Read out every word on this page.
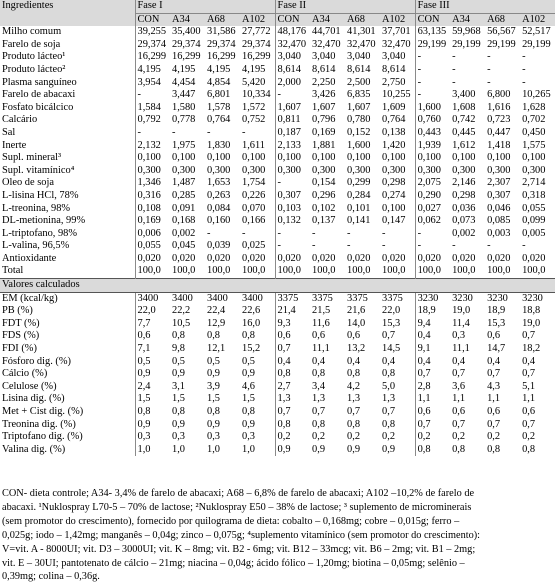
Ingredientes	Fase I				Fase II				Fase III			
	CON	A34	A68	A102	CON	A34	A68	A102	CON	A34	A68	A102
Milho comum	39,255	35,400	31,586	27,772	48,176	44,701	41,301	37,701	63,135	59,968	56,567	52,517
Farelo de soja	29,374	29,374	29,374	29,374	32,470	32,470	32,470	32,470	29,199	29,199	29,199	29,199
Produto lácteo¹	16,299	16,299	16,299	16,299	3,040	3,040	3,040	3,040	-	-	-	-
Produto lácteo²	4,195	4,195	4,195	4,195	8,614	8,614	8,614	8,614	-	-	-	-
Plasma sanguíneo	3,954	4,454	4,854	5,420	2,000	2,250	2,500	2,750	-	-	-	-
Farelo de abacaxi	-	3,447	6,801	10,334	-	3,426	6,835	10,255	-	3,400	6,800	10,265
Fosfato bicálcico	1,584	1,580	1,578	1,572	1,607	1,607	1,607	1,609	1,600	1,608	1,616	1,628
Calcário	0,792	0,778	0,764	0,752	0,811	0,796	0,780	0,764	0,760	0,742	0,723	0,702
Sal	-	-	-	-	0,187	0,169	0,152	0,138	0,443	0,445	0,447	0,450
Inerte	2,132	1,975	1,830	1,611	2,133	1,881	1,600	1,420	1,939	1,612	1,418	1,575
Supl. mineral³	0,100	0,100	0,100	0,100	0,100	0,100	0,100	0,100	0,100	0,100	0,100	0,100
Supl. vitamínico⁴	0,300	0,300	0,300	0,300	0,300	0,300	0,300	0,300	0,300	0,300	0,300	0,300
Óleo de soja	1,346	1,487	1,653	1,754	-	0,154	0,299	0,298	2,075	2,146	2,307	2,714
L-lisina HCl, 78%	0,316	0,285	0,263	0,226	0,307	0,296	0,284	0,274	0,290	0,298	0,307	0,318
L-treonina, 98%	0,108	0,091	0,084	0,070	0,103	0,102	0,101	0,100	0,027	0,036	0,046	0,055
DL-metionina, 99%	0,169	0,168	0,160	0,166	0,132	0,137	0,141	0,147	0,062	0,073	0,085	0,099
L-triptofano, 98%	0,006	0,002	-	-	-	-	-	-	-	0,002	0,003	0,005
L-valina, 96,5%	0,055	0,045	0,039	0,025	-	-	-	-	-	-	-	-
Antioxidante	0,020	0,020	0,020	0,020	0,020	0,020	0,020	0,020	0,020	0,020	0,020	0,020
Total	100,0	100,0	100,0	100,0	100,0	100,0	100,0	100,0	100,0	100,0	100,0	100,0
Valores calculados												
EM (kcal/kg)	3400	3400	3400	3400	3375	3375	3375	3375	3230	3230	3230	3230
PB (%)	22,0	22,2	22,4	22,6	21,4	21,5	21,6	22,0	18,9	19,0	18,9	18,8
FDT (%)	7,7	10,5	12,9	16,0	9,3	11,6	14,0	15,3	9,4	11,4	15,3	19,0
FDS (%)	0,6	0,8	0,8	0,8	0,6	0,6	0,6	0,7	0,4	0,3	0,6	0,7
FDI (%)	7,1	9,8	12,1	15,2	0,7	11,1	13,2	14,5	9,1	11,1	14,7	18,2
Fósforo dig. (%)	0,5	0,5	0,5	0,5	0,4	0,4	0,4	0,4	0,4	0,4	0,4	0,4
Cálcio (%)	0,9	0,9	0,9	0,9	0,8	0,8	0,8	0,8	0,7	0,7	0,7	0,7
Celulose (%)	2,4	3,1	3,9	4,6	2,7	3,4	4,2	5,0	2,8	3,6	4,3	5,1
Lisina dig. (%)	1,5	1,5	1,5	1,5	1,3	1,3	1,3	1,3	1,1	1,1	1,1	1,1
Met + Cist dig. (%)	0,8	0,8	0,8	0,8	0,7	0,7	0,7	0,7	0,6	0,6	0,6	0,6
Treonina dig. (%)	0,9	0,9	0,9	0,9	0,8	0,8	0,8	0,8	0,7	0,7	0,7	0,7
Triptofano dig. (%)	0,3	0,3	0,3	0,3	0,2	0,2	0,2	0,2	0,2	0,2	0,2	0,2
Valina dig. (%)	1,0	1,0	1,0	1,0	0,9	0,9	0,9	0,9	0,8	0,8	0,8	0,8
CON- dieta controle; A34- 3,4% de farelo de abacaxi; A68 – 6,8% de farelo de abacaxi; A102 –10,2% de farelo de
abacaxi. ¹Nuklospray L70-5 – 70% de lactose; ²Nuklospray E50 – 38% de lactose; ³ suplemento de microminerais
(sem promotor do crescimento), fornecido por quilograma de dieta: cobalto – 0,168mg; cobre – 0,015g; ferro –
0,025g; iodo – 1,42mg; manganês – 0,04g; zinco – 0,075g; ⁴suplemento vitamínico (sem promotor do crescimento):
V=vit. A - 8000UI; vit. D3 – 3000UI; vit. K – 8mg; vit. B2 - 6mg; vit. B12 – 33mcg; vit. B6 – 2mg; vit. B1 – 2mg;
vit. E – 30UI; pantotenato de cálcio – 21mg; niacina – 0,04g; ácido fólico – 1,20mg; biotina – 0,05mg; selênio –
0,39mg; colina – 0,36g.
